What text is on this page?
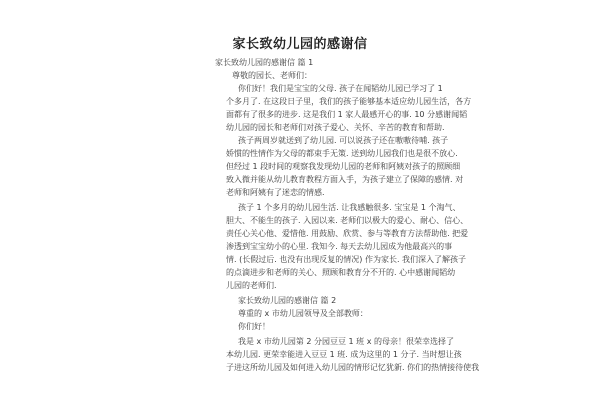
家长致幼儿园的感谢信
家长致幼儿园的感谢信 篇 1
尊敬的园长、老师们：
你们好！我们是宝宝的父母. 孩子在闻韬幼儿园已学习了 1
个多月了. 在这段日子里，我们的孩子能够基本适应幼儿园生活，各方
面都有了很多的进步. 这是我们 1 家人最感开心的事. 10 分感谢闻韬
幼儿园的园长和老师们对孩子爱心、关怀、辛苦的教育和帮助.
孩子两周岁就送到了幼儿园. 可以说孩子还在嗷嗷待哺. 孩子
娇惯的性情作为父母的都束手无策. 送到幼儿园我们也是很不放心.
但经过 1 段时间的观察我发现幼儿园的老师和阿姨对孩子的照顾细
致入微并能从幼儿教育教程方面入手，为孩子建立了保障的感情. 对
老师和阿姨有了迷恋的情感.
孩子 1 个多月的幼儿园生活. 让我感触很多. 宝宝是 1 个淘气、
胆大、不能生的孩子. 入园以来. 老师们以极大的爱心、耐心、信心、
责任心关心他、爱惜他. 用鼓励、欣赏、参与等教育方法帮助他. 把爱
渗透到宝宝幼小的心里. 我知今. 每天去幼儿园成为他最高兴的事
情. (长假过后. 也没有出现反复的情况) 作为家长. 我们深入了解孩子
的点滴进步和老师的关心、照顾和教育分不开的. 心中感谢闻韬幼
儿园的老师们.
家长致幼儿园的感谢信 篇 2
尊重的 x 市幼儿园领导及全部教师：
你们好！
我是 x 市幼儿园第 2 分园豆豆 1 班 x 的母亲！很荣幸选择了
本幼儿园. 更荣幸能进入豆豆 1 班. 成为这里的 1 分子. 当时想让孩
子进这所幼儿园及如何进入幼儿园的情形记忆犹新. 你们的热情接待使我
